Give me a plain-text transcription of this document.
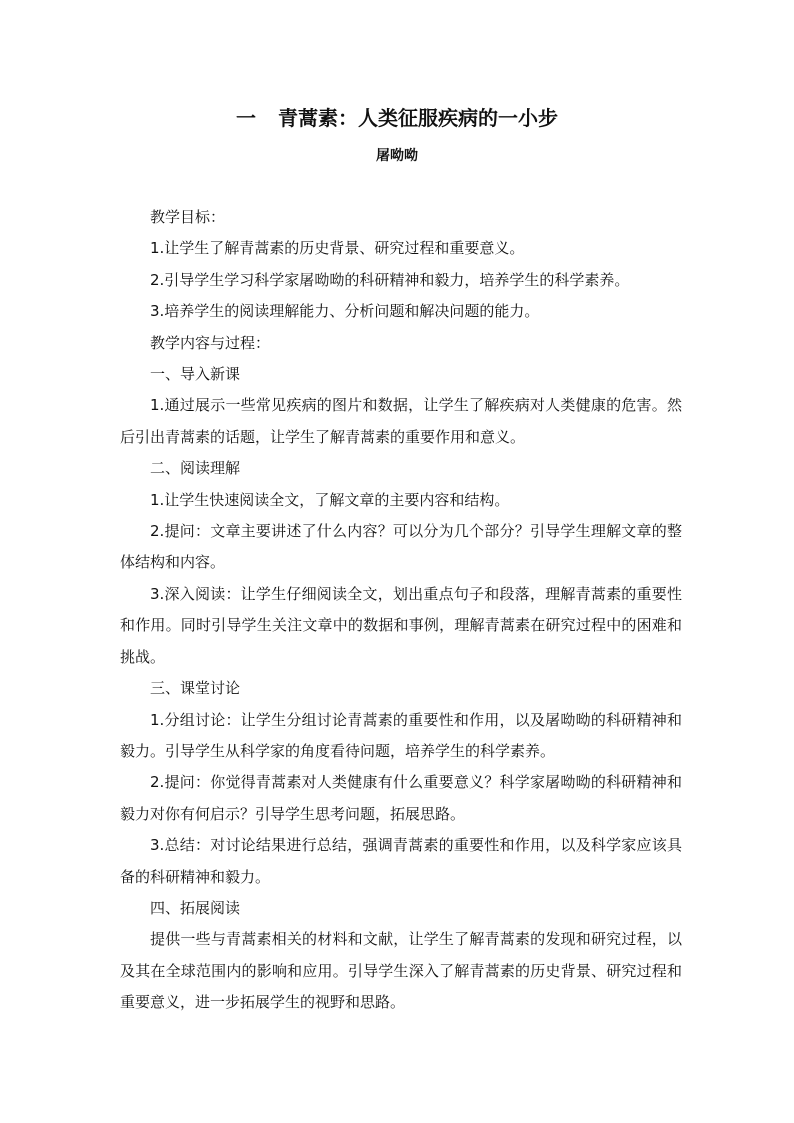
一 青蒿素：人类征服疾病的一小步
屠呦呦

教学目标：

1.让学生了解青蒿素的历史背景、研究过程和重要意义。

2.引导学生学习科学家屠呦呦的科研精神和毅力，培养学生的科学素养。

3.培养学生的阅读理解能力、分析问题和解决问题的能力。

教学内容与过程：

一、导入新课

1.通过展示一些常见疾病的图片和数据，让学生了解疾病对人类健康的危害。然后引出青蒿素的话题，让学生了解青蒿素的重要作用和意义。

二、阅读理解

1.让学生快速阅读全文，了解文章的主要内容和结构。

2.提问：文章主要讲述了什么内容？可以分为几个部分？引导学生理解文章的整体结构和内容。

3.深入阅读：让学生仔细阅读全文，划出重点句子和段落，理解青蒿素的重要性和作用。同时引导学生关注文章中的数据和事例，理解青蒿素在研究过程中的困难和挑战。

三、课堂讨论

1.分组讨论：让学生分组讨论青蒿素的重要性和作用，以及屠呦呦的科研精神和毅力。引导学生从科学家的角度看待问题，培养学生的科学素养。

2.提问：你觉得青蒿素对人类健康有什么重要意义？科学家屠呦呦的科研精神和毅力对你有何启示？引导学生思考问题，拓展思路。

3.总结：对讨论结果进行总结，强调青蒿素的重要性和作用，以及科学家应该具备的科研精神和毅力。

四、拓展阅读

提供一些与青蒿素相关的材料和文献，让学生了解青蒿素的发现和研究过程，以及其在全球范围内的影响和应用。引导学生深入了解青蒿素的历史背景、研究过程和重要意义，进一步拓展学生的视野和思路。
